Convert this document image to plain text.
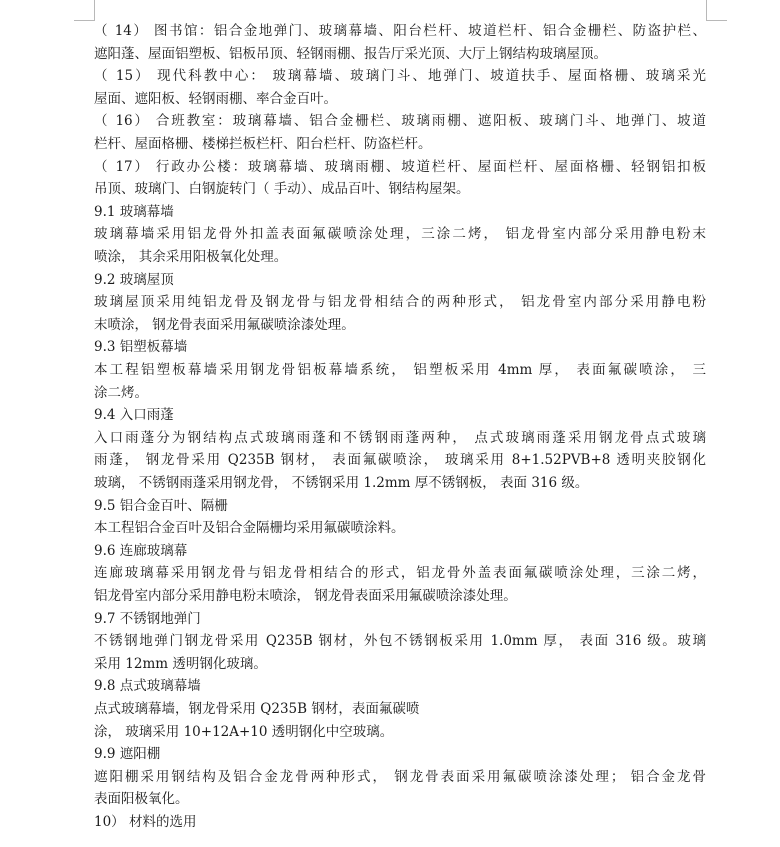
（ 14） 图书馆：铝合金地弹门、玻璃幕墙、阳台栏杆、坡道栏杆、铝合金栅栏、防盗护栏、
遮阳蓬、屋面铝塑板、铝板吊顶、轻钢雨棚、报告厅采光顶、大厅上钢结构玻璃屋顶。
（ 15） 现代科教中心： 玻璃幕墙、玻璃门斗、地弹门、坡道扶手、屋面格栅、玻璃采光
屋面、遮阳板、轻钢雨棚、率合金百叶。
（ 16） 合班教室：玻璃幕墙、铝合金栅栏、玻璃雨棚、遮阳板、玻璃门斗、地弹门、坡道
栏杆、屋面格栅、楼梯拦板栏杆、阳台栏杆、防盗栏杆。
（ 17） 行政办公楼：玻璃幕墙、玻璃雨棚、坡道栏杆、屋面栏杆、屋面格栅、轻钢铝扣板
吊顶、玻璃门、白钢旋转门（ 手动）、成品百叶、钢结构屋架。
9.1 玻璃幕墙
玻璃幕墙采用铝龙骨外扣盖表面氟碳喷涂处理，三涂二烤， 铝龙骨室内部分采用静电粉末
喷涂， 其余采用阳极氧化处理。
9.2 玻璃屋顶
玻璃屋顶采用纯铝龙骨及钢龙骨与铝龙骨相结合的两种形式， 铝龙骨室内部分采用静电粉
末喷涂， 钢龙骨表面采用氟碳喷涂漆处理。
9.3 铝塑板幕墙
本工程铝塑板幕墙采用钢龙骨铝板幕墙系统， 铝塑板采用 4mm 厚， 表面氟碳喷涂， 三
涂二烤。
9.4 入口雨蓬
入口雨蓬分为钢结构点式玻璃雨蓬和不锈钢雨蓬两种， 点式玻璃雨蓬采用钢龙骨点式玻璃
雨蓬， 钢龙骨采用 Q235B 钢材， 表面氟碳喷涂， 玻璃采用 8+1.52PVB+8 透明夹胶钢化
玻璃， 不锈钢雨蓬采用钢龙骨， 不锈钢采用 1.2mm 厚不锈钢板， 表面 316 级。
9.5 铝合金百叶、隔栅
本工程铝合金百叶及铝合金隔栅均采用氟碳喷涂料。
9.6 连廊玻璃幕
连廊玻璃幕采用钢龙骨与铝龙骨相结合的形式，铝龙骨外盖表面氟碳喷涂处理，三涂二烤，
铝龙骨室内部分采用静电粉末喷涂， 钢龙骨表面采用氟碳喷涂漆处理。
9.7 不锈钢地弹门
不锈钢地弹门钢龙骨采用 Q235B 钢材，外包不锈钢板采用 1.0mm 厚， 表面 316 级。玻璃
采用 12mm 透明钢化玻璃。
9.8 点式玻璃幕墙
点式玻璃幕墙，钢龙骨采用 Q235B 钢材，表面氟碳喷
涂， 玻璃采用 10+12A+10 透明钢化中空玻璃。
9.9 遮阳棚
遮阳棚采用钢结构及铝合金龙骨两种形式， 钢龙骨表面采用氟碳喷涂漆处理； 铝合金龙骨
表面阳极氧化。
10） 材料的选用
